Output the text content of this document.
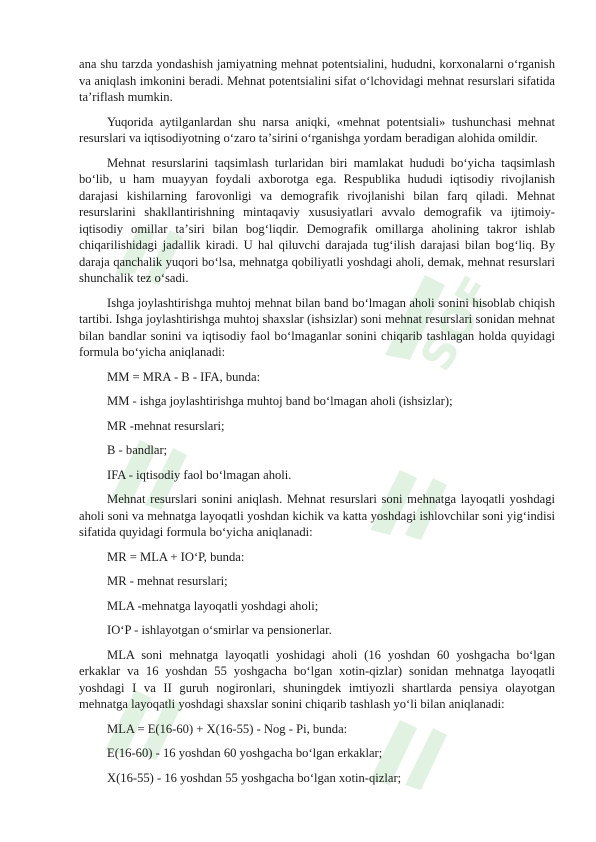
SOF

ana shu tarzda yondashish jamiyatning mehnat potentsialini, hududni, korxonalarni oʻrganish va aniqlash imkonini beradi. Mehnat potentsialini sifat oʻlchovidagi mehnat resurslari sifatida taʼriflash mumkin.

Yuqorida aytilganlardan shu narsa aniqki, «mehnat potentsiali» tushunchasi mehnat resurslari va iqtisodiyotning oʻzaro taʼsirini oʻrganishga yordam beradigan alohida omildir.

Mehnat resurslarini taqsimlash turlaridan biri mamlakat hududi boʻyicha taqsimlash boʻlib, u ham muayyan foydali axborotga ega. Respublika hududi iqtisodiy rivojlanish darajasi kishilarning farovonligi va demografik rivojlanishi bilan farq qiladi. Mehnat resurslarini shakllantirishning mintaqaviy xususiyatlari avvalo demografik va ijtimoiy-iqtisodiy omillar taʼsiri bilan bogʻliqdir. Demografik omillarga aholining takror ishlab chiqarilishidagi jadallik kiradi. U hal qiluvchi darajada tugʻilish darajasi bilan bogʻliq. By daraja qanchalik yuqori boʻlsa, mehnatga qobiliyatli yoshdagi aholi, demak, mehnat resurslari shunchalik tez oʻsadi.

Ishga joylashtirishga muhtoj mehnat bilan band boʻlmagan aholi sonini hisoblab chiqish tartibi. Ishga joylashtirishga muhtoj shaxslar (ishsizlar) soni mehnat resurslari sonidan mehnat bilan bandlar sonini va iqtisodiy faol boʻlmaganlar sonini chiqarib tashlagan holda quyidagi formula boʻyicha aniqlanadi:

MM = MRA - B - IFA, bunda:

MM - ishga joylashtirishga muhtoj band boʻlmagan aholi (ishsizlar);

MR -mehnat resurslari;

B - bandlar;

IFA - iqtisodiy faol boʻlmagan aholi.

Mehnat resurslari sonini aniqlash. Mehnat resurslari soni mehnatga layoqatli yoshdagi aholi soni va mehnatga layoqatli yoshdan kichik va katta yoshdagi ishlovchilar soni yigʻindisi sifatida quyidagi formula boʻyicha aniqlanadi:

MR = MLA + IOʻP, bunda:

MR - mehnat resurslari;

MLA -mehnatga layoqatli yoshdagi aholi;

IOʻP - ishlayotgan oʻsmirlar va pensionerlar.

MLA soni mehnatga layoqatli yoshidagi aholi (16 yoshdan 60 yoshgacha boʻlgan erkaklar va 16 yoshdan 55 yoshgacha boʻlgan xotin-qizlar) sonidan mehnatga layoqatli yoshdagi I va II guruh nogironlari, shuningdek imtiyozli shartlarda pensiya olayotgan mehnatga layoqatli yoshdagi shaxslar sonini chiqarib tashlash yoʻli bilan aniqlanadi:

MLA = E(16-60) + X(16-55) - Nog - Pi, bunda:

E(16-60) - 16 yoshdan 60 yoshgacha boʻlgan erkaklar;

X(16-55) - 16 yoshdan 55 yoshgacha boʻlgan xotin-qizlar;
